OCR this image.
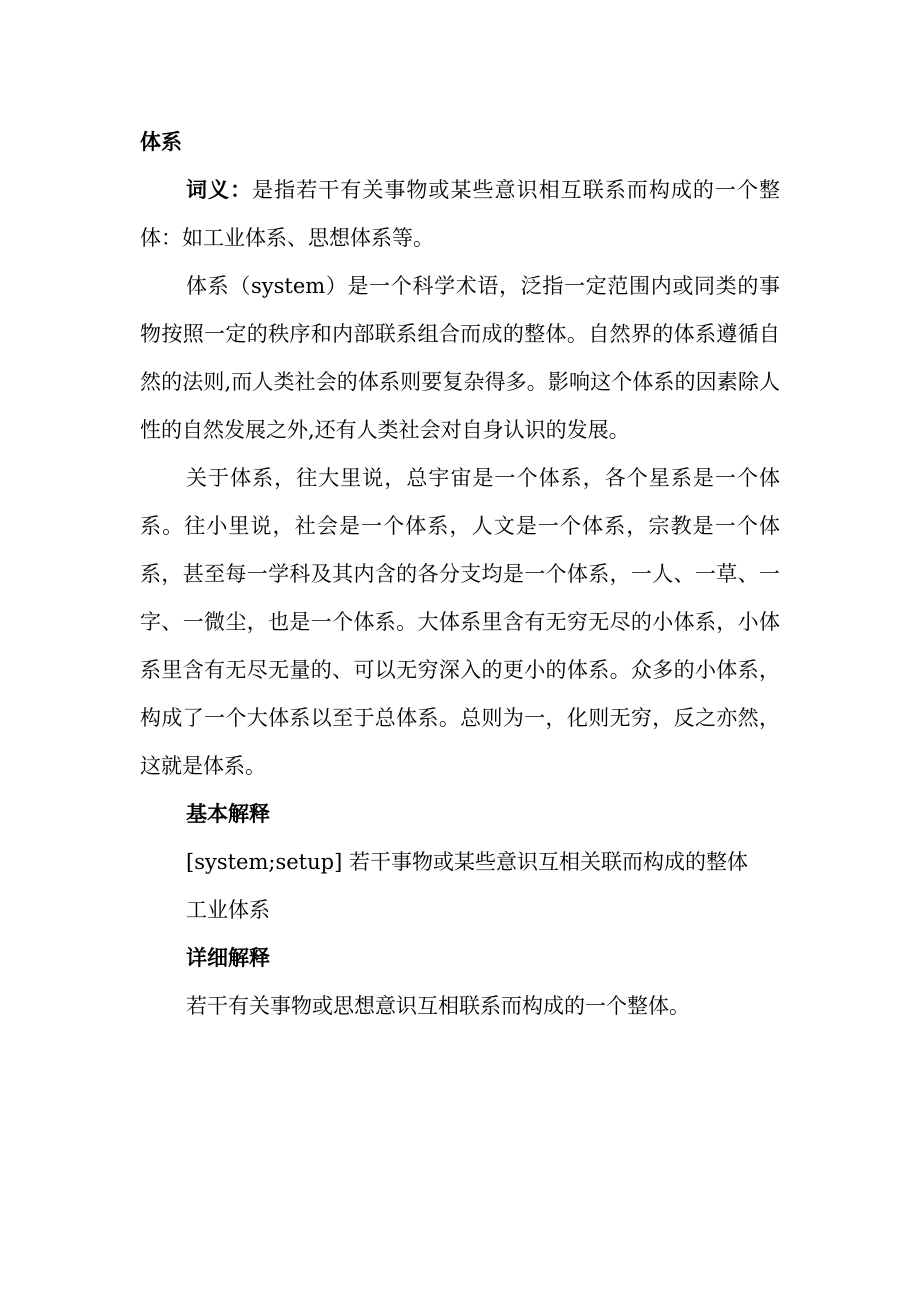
体系

词义：是指若干有关事物或某些意识相互联系而构成的一个整体：如工业体系、思想体系等。

体系（system）是一个科学术语，泛指一定范围内或同类的事物按照一定的秩序和内部联系组合而成的整体。自然界的体系遵循自然的法则,而人类社会的体系则要复杂得多。影响这个体系的因素除人性的自然发展之外,还有人类社会对自身认识的发展。

关于体系，往大里说，总宇宙是一个体系，各个星系是一个体系。往小里说，社会是一个体系，人文是一个体系，宗教是一个体系，甚至每一学科及其内含的各分支均是一个体系，一人、一草、一字、一微尘，也是一个体系。大体系里含有无穷无尽的小体系，小体系里含有无尽无量的、可以无穷深入的更小的体系。众多的小体系，构成了一个大体系以至于总体系。总则为一，化则无穷，反之亦然，这就是体系。

基本解释

[system;setup] 若干事物或某些意识互相关联而构成的整体

工业体系

详细解释

若干有关事物或思想意识互相联系而构成的一个整体。
